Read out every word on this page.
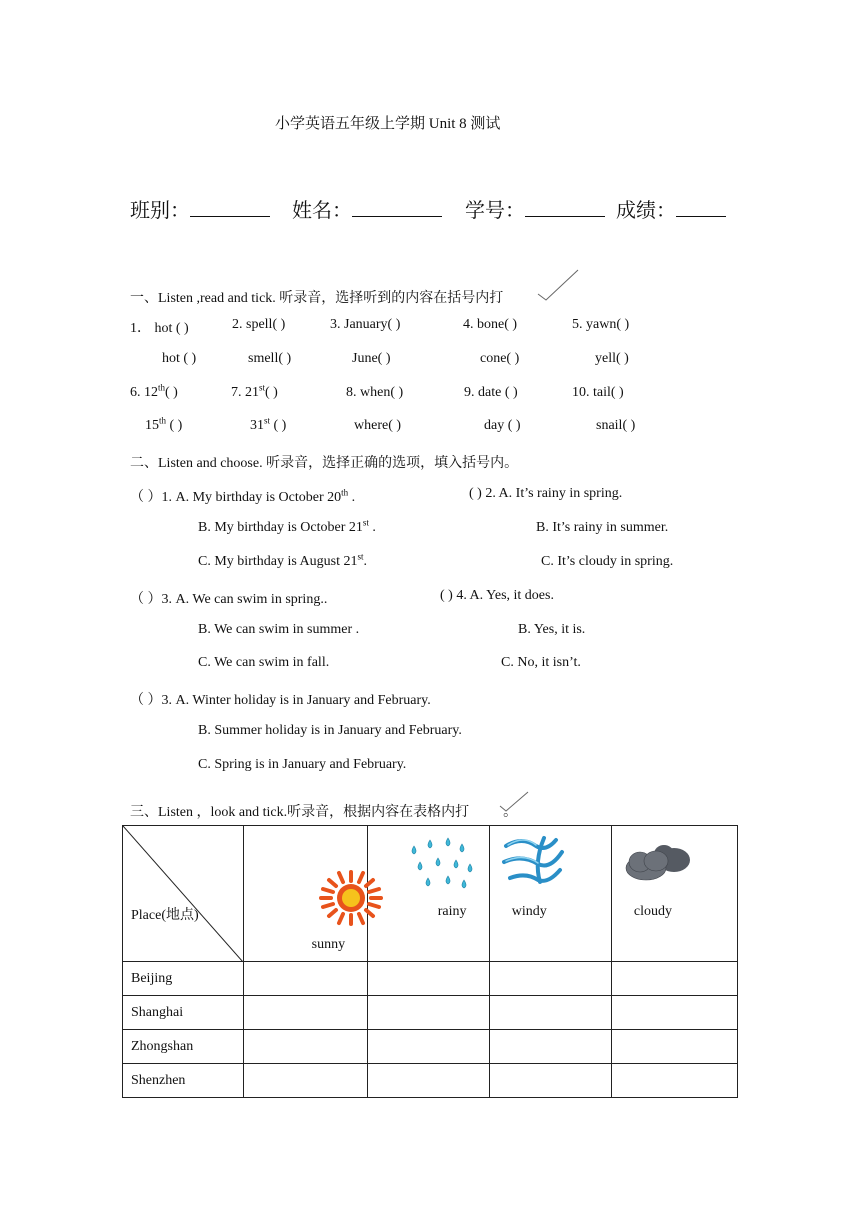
小学英语五年级上学期 Unit 8 测试
班别：	姓名：	学号：	成绩：
一、Listen ,read and tick. 听录音，选择听到的内容在括号内打
1． hot ( )	2. spell( )	3. January( )	4. bone( )	5. yawn( )
hot ( )	smell( )	June( )	cone( )	yell( )
6. 12th( )	7. 21st( )	8. when( )	9. date ( )	10. tail( )
15th ( )	31st ( )	where( )	day ( )	snail( )
二、Listen and choose. 听录音，选择正确的选项，填入括号内。
（ ）1. A. My birthday is October 20th .
B. My birthday is October 21st .
C. My birthday is August 21st.
( ) 2. A. It’s rainy in spring.
B. It’s rainy in summer.
C. It’s cloudy in spring.
（ ）3. A. We can swim in spring..
B. We can swim in summer .
C. We can swim in fall.
( ) 4. A. Yes, it does.
B. Yes, it is.
C. No, it isn’t.
（ ）3. A. Winter holiday is in January and February.
B. Summer holiday is in January and February.
C. Spring is in January and February.
三、Listen ，look and tick.听录音，根据内容在表格内打 。
Place(地点)	sunny	rainy	windy	cloudy

Beijing				
Shanghai				
Zhongshan				
Shenzhen				
